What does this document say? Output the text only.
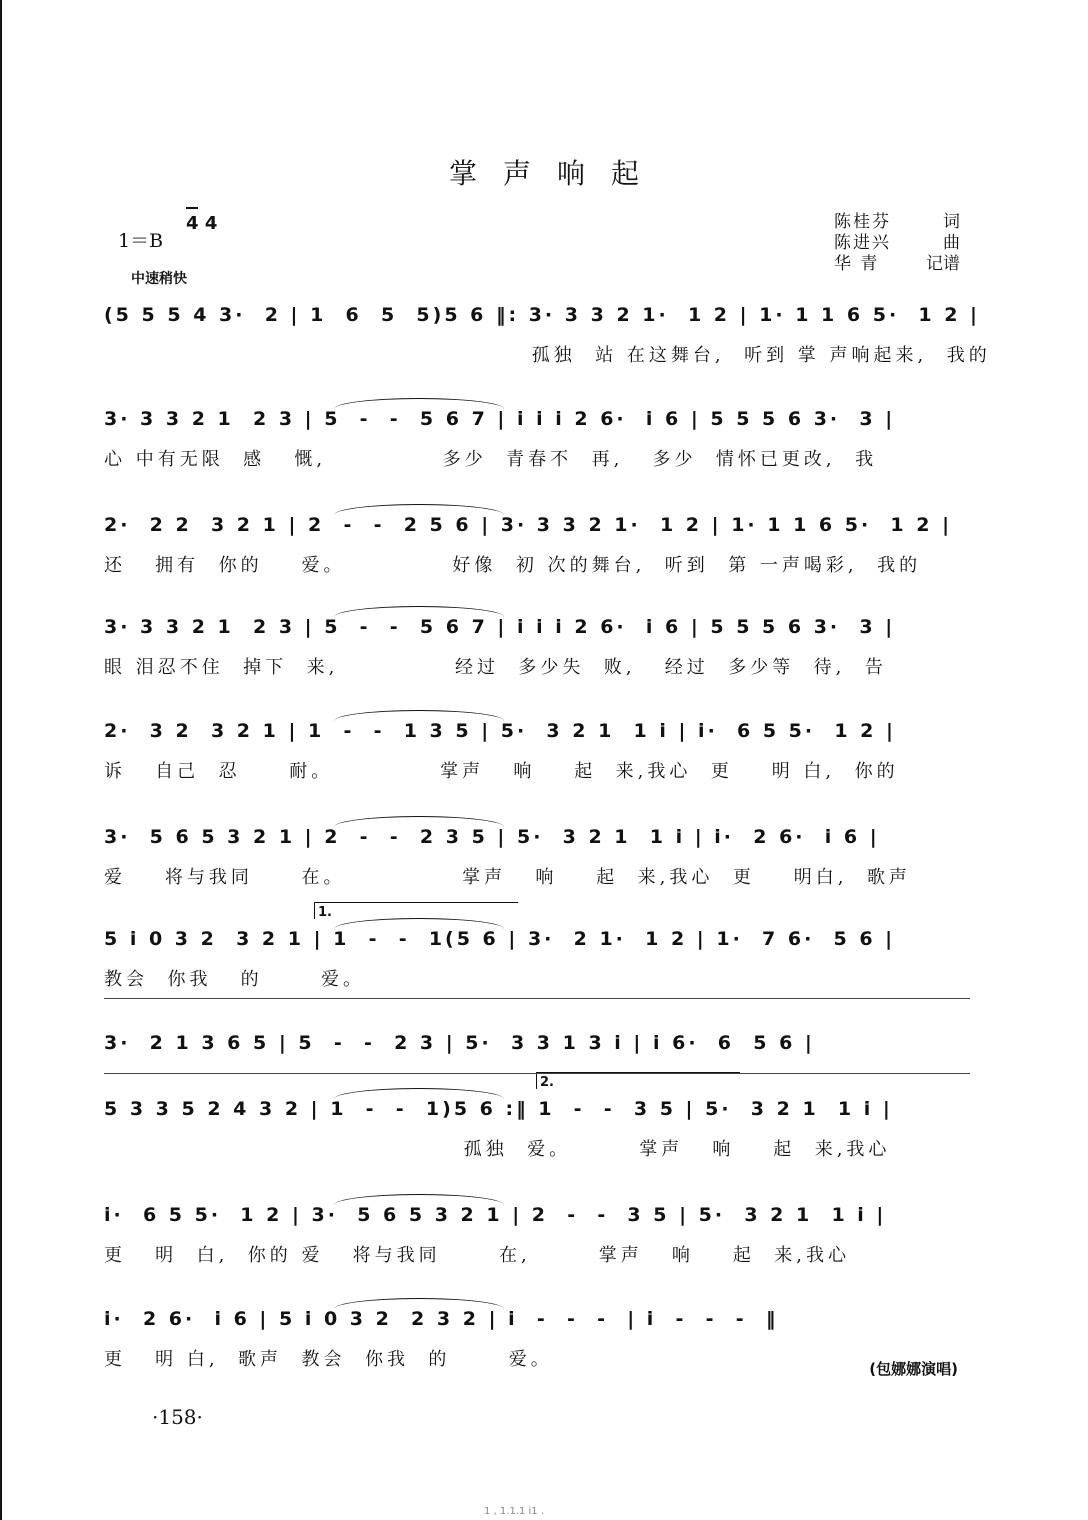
掌声响起
1＝B
4 4
中速稍快
陈桂芬	词
陈进兴	曲
华 青	记谱
(5 5 5 4 3·  2 | 1  6  5  5)5 6 ‖: 3· 3 3 2 1·  1 2 | 1· 1 1 6 5·  1 2 |
孤独  站 在这舞台,  听到 掌 声响起来,  我的
3· 3 3 2 1  2 3 | 5  -  -  5 6 7 | i i i 2 6·  i 6 | 5 5 5 6 3·  3 |
心 中有无限  感   慨,            多少  青春不  再,   多少  情怀已更改,  我
2·  2 2  3 2 1 | 2  -  -  2 5 6 | 3· 3 3 2 1·  1 2 | 1· 1 1 6 5·  1 2 |
还   拥有  你的    爱。           好像  初 次的舞台,  听到  第 一声喝彩,  我的
3· 3 3 2 1  2 3 | 5  -  -  5 6 7 | i i i 2 6·  i 6 | 5 5 5 6 3·  3 |
眼 泪忍不住  掉下  来,            经过  多少失  败,   经过  多少等  待,  告
2·  3 2  3 2 1 | 1  -  -  1 3 5 | 5·  3 2 1  1 i | i·  6 5 5·  1 2 |
诉   自己  忍     耐。           掌声   响    起  来,我心  更    明 白,  你的
3·  5 6 5 3 2 1 | 2  -  -  2 3 5 | 5·  3 2 1  1 i | i·  2 6·  i 6 |
爱    将与我同     在。            掌声   响    起  来,我心  更    明白,  歌声
5 i 0 3 2  3 2 1 | 1  -  -  1(5 6 | 3·  2 1·  1 2 | 1·  7 6·  5 6 |
教会  你我   的      爱。
1.
3·  2 1 3 6 5 | 5  -  -  2 3 | 5·  3 3 1 3 i | i 6·  6  5 6 |
5 3 3 5 2 4 3 2 | 1  -  -  1)5 6 :‖ 1  -  -  3 5 | 5·  3 2 1  1 i |
孤独  爱。       掌声   响    起  来,我心
2.
i·  6 5 5·  1 2 | 3·  5 6 5 3 2 1 | 2  -  -  3 5 | 5·  3 2 1  1 i |
更   明  白,  你的 爱   将与我同      在,       掌声   响    起  来,我心
i·  2 6·  i 6 | 5 i 0 3 2  2 3 2 | i  -  -  -  | i  -  -  -  ‖
更   明 白,  歌声  教会  你我  的      爱。	(包娜娜演唱)
·158·
1 , 1.1.1 i1 .
